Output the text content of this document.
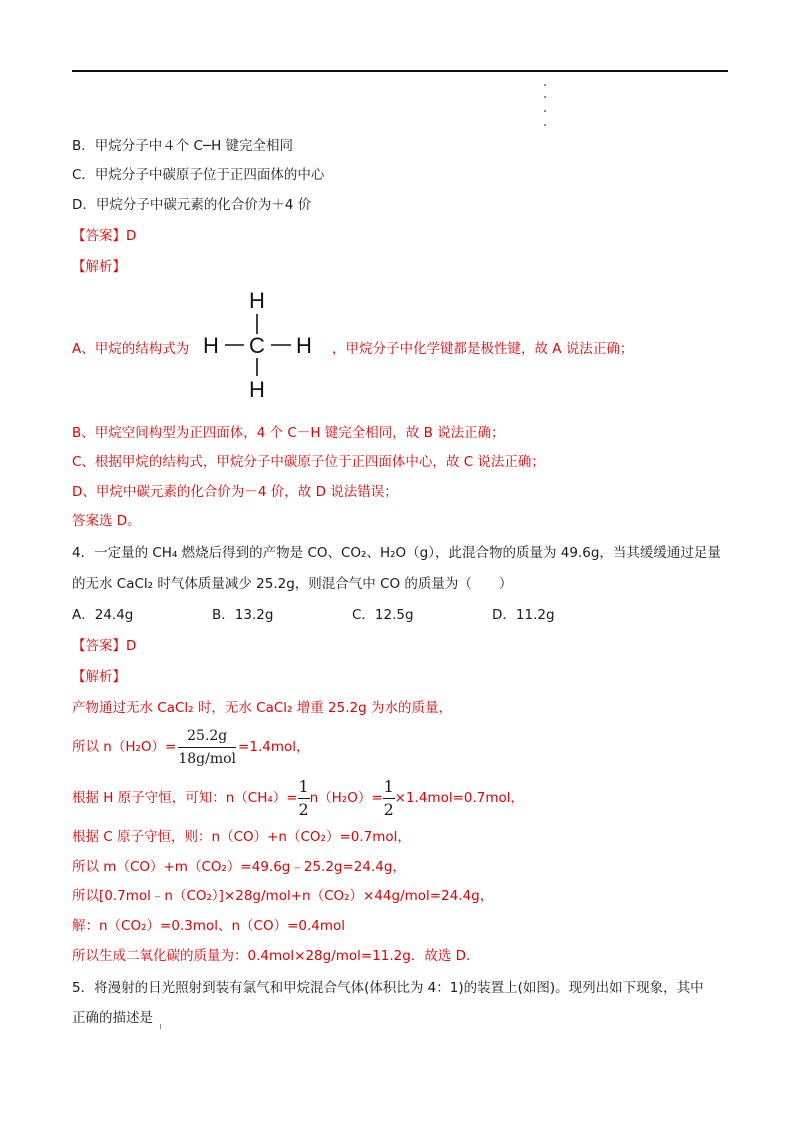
B．甲烷分子中４个 C─H 键完全相同
C．甲烷分子中碳原子位于正四面体的中心
D．甲烷分子中碳元素的化合价为＋4 价
【答案】D
【解析】
A、甲烷的结构式为
H
H C H
H
，甲烷分子中化学键都是极性键，故 A 说法正确；
B、甲烷空间构型为正四面体，4 个 C－H 键完全相同，故 B 说法正确；
C、根据甲烷的结构式，甲烷分子中碳原子位于正四面体中心，故 C 说法正确；
D、甲烷中碳元素的化合价为－4 价，故 D 说法错误；
答案选 D。
4．一定量的 CH₄ 燃烧后得到的产物是 CO、CO₂、H₂O（g），此混合物的质量为 49.6g，当其缓缓通过足量
的无水 CaCl₂ 时气体质量减少 25.2g，则混合气中 CO 的质量为（　　）
A．24.4g	B．13.2g	C．12.5g	D．11.2g
【答案】D
【解析】
产物通过无水 CaCl₂ 时，无水 CaCl₂ 增重 25.2g 为水的质量，
所以 $n(H_2O)= \frac{25.2g}{\text{18g/mol}} =1.4mol$，
根据 H 原子守恒，可知：$n(CH_4)= \frac{1}{2} n(H_2O)= \frac{1}{2} \times 1.4mol=0.7mol$，
根据 C 原子守恒，则：n（CO）+n（CO₂）=0.7mol，
所以 m（CO）+m（CO₂）=49.6g﹣25.2g=24.4g，
所以[0.7mol﹣n（CO₂）]×28g/mol+n（CO₂）×44g/mol=24.4g，
解：n（CO₂）=0.3mol、n（CO）=0.4mol
所以生成二氧化碳的质量为：0.4mol×28g/mol=11.2g．故选 D.
5．将漫射的日光照射到装有氯气和甲烷混合气体(体积比为 4：1)的装置上(如图)。现列出如下现象，其中
正确的描述是
